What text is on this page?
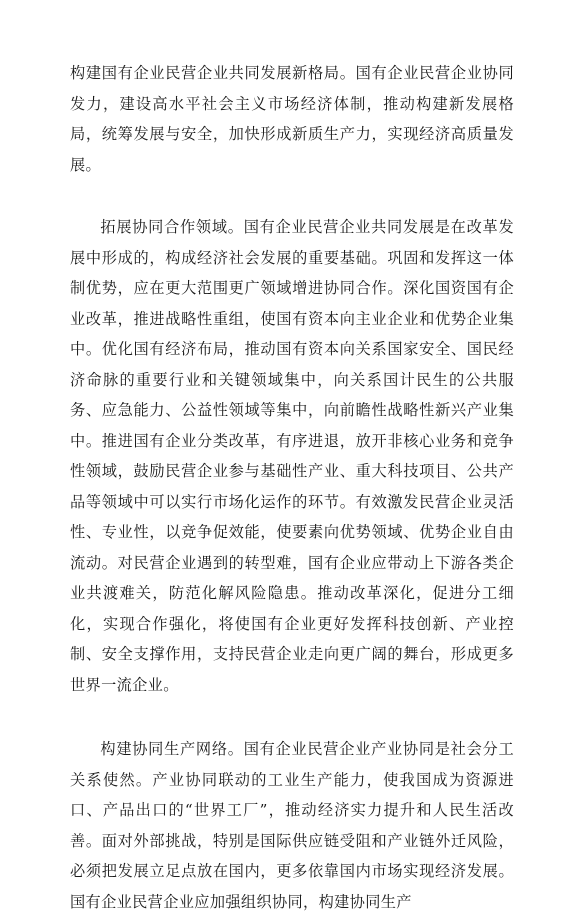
构建国有企业民营企业共同发展新格局。国有企业民营企业协同发力，建设高水平社会主义市场经济体制，推动构建新发展格局，统筹发展与安全，加快形成新质生产力，实现经济高质量发展。

拓展协同合作领域。国有企业民营企业共同发展是在改革发展中形成的，构成经济社会发展的重要基础。巩固和发挥这一体制优势，应在更大范围更广领域增进协同合作。深化国资国有企业改革，推进战略性重组，使国有资本向主业企业和优势企业集中。优化国有经济布局，推动国有资本向关系国家安全、国民经济命脉的重要行业和关键领域集中，向关系国计民生的公共服务、应急能力、公益性领域等集中，向前瞻性战略性新兴产业集中。推进国有企业分类改革，有序进退，放开非核心业务和竞争性领域，鼓励民营企业参与基础性产业、重大科技项目、公共产品等领域中可以实行市场化运作的环节。有效激发民营企业灵活性、专业性，以竞争促效能，使要素向优势领域、优势企业自由流动。对民营企业遇到的转型难，国有企业应带动上下游各类企业共渡难关，防范化解风险隐患。推动改革深化，促进分工细化，实现合作强化，将使国有企业更好发挥科技创新、产业控制、安全支撑作用，支持民营企业走向更广阔的舞台，形成更多世界一流企业。

构建协同生产网络。国有企业民营企业产业协同是社会分工关系使然。产业协同联动的工业生产能力，使我国成为资源进口、产品出口的“世界工厂”，推动经济实力提升和人民生活改善。面对外部挑战，特别是国际供应链受阻和产业链外迁风险，必须把发展立足点放在国内，更多依靠国内市场实现经济发展。国有企业民营企业应加强组织协同，构建协同生产
